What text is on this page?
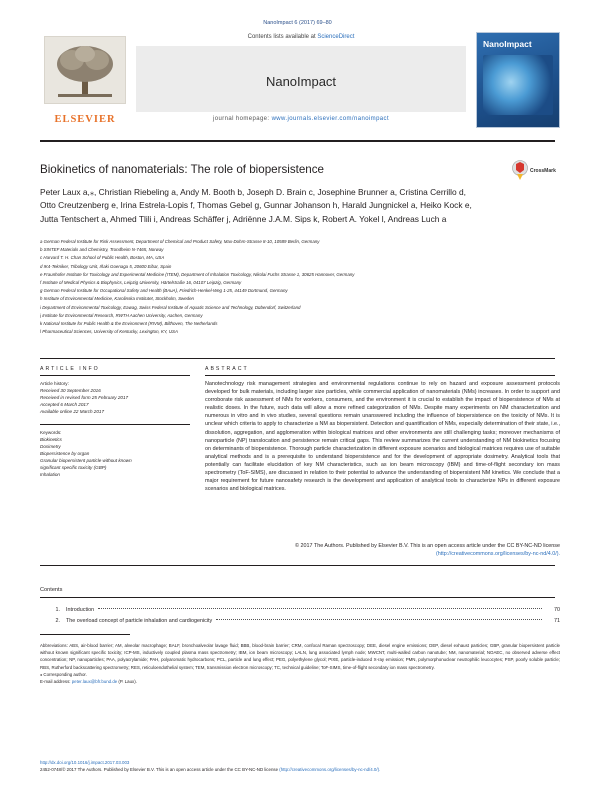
NanoImpact 6 (2017) 69–80
ELSEVIER
Contents lists available at ScienceDirect
NanoImpact
journal homepage: www.journals.elsevier.com/nanoimpact
NanoImpact
Biokinetics of nanomaterials: The role of biopersistence	CrossMark
Peter Laux a,⁎, Christian Riebeling a, Andy M. Booth b, Joseph D. Brain c, Josephine Brunner a, Cristina Cerrillo d,
Otto Creutzenberg e, Irina Estrela-Lopis f, Thomas Gebel g, Gunnar Johanson h, Harald Jungnickel a, Heiko Kock e,
Jutta Tentschert a, Ahmed Tlili i, Andreas Schäffer j, Adriënne J.A.M. Sips k, Robert A. Yokel l, Andreas Luch a
a German Federal Institute for Risk Assessment, Department of Chemical and Product Safety, Max-Dohrn-Strasse 8-10, 10589 Berlin, Germany
b SINTEF Materials and Chemistry, Trondheim N-7465, Norway
c Harvard T. H. Chan School of Public Health, Boston, MA, USA
d IK4-Tekniker, Tribology Unit, Iñaki Goenaga 5, 20600 Eibar, Spain
e Fraunhofer Institute for Toxicology and Experimental Medicine (ITEM), Department of Inhalation Toxicology, Nikolai Fuchs Strasse 1, 30625 Hannover, Germany
f Institute of Medical Physics & Biophysics, Leipzig University, Härtelstraße 16, 04107 Leipzig, Germany
g German Federal Institute for Occupational Safety and Health (BAuA), Friedrich-Henkel-Weg 1-25, 44149 Dortmund, Germany
h Institute of Environmental Medicine, Karolinska Institutet, Stockholm, Sweden
i Department of Environmental Toxicology, Eawag, Swiss Federal Institute of Aquatic Science and Technology, Dübendorf, Switzerland
j Institute for Environmental Research, RWTH Aachen University, Aachen, Germany
k National Institute for Public Health & the Environment (RIVM), Bilthoven, The Netherlands
l Pharmaceutical Sciences, University of Kentucky, Lexington, KY, USA
ARTICLE INFO	ABSTRACT
Article history:
Received 30 September 2016
Received in revised form 25 February 2017
Accepted 6 March 2017
Available online 22 March 2017
Keywords:
Biokinetics
Dosimetry
Biopersistence by organ
Granular biopersistent particle without known
significant specific toxicity (GBP)
Inhalation
Nanotechnology risk management strategies and environmental regulations continue to rely on hazard and exposure assessment protocols developed for bulk materials, including larger size particles, while commercial application of nanomaterials (NMs) increases. In order to support and corroborate risk assessment of NMs for workers, consumers, and the environment it is crucial to establish the impact of biopersistence of NMs at realistic doses. In the future, such data will allow a more refined categorization of NMs. Despite many experiments on NM characterization and numerous in vitro and in vivo studies, several questions remain unanswered including the influence of biopersistence on the toxicity of NMs. It is unclear which criteria to apply to characterize a NM as biopersistent. Detection and quantification of NMs, especially determination of their state, i.e., dissolution, aggregation, and agglomeration within biological matrices and other environments are still challenging tasks; moreover mechanisms of nanoparticle (NP) translocation and persistence remain critical gaps. This review summarizes the current understanding of NM biokinetics focusing on determinants of biopersistence. Thorough particle characterization in different exposure scenarios and biological matrices requires use of suitable analytical methods and is a prerequisite to understand biopersistence and for the development of appropriate dosimetry. Analytical tools that potentially can facilitate elucidation of key NM characteristics, such as ion beam microscopy (IBM) and time-of-flight secondary ion mass spectrometry (ToF-SIMS), are discussed in relation to their potential to advance the understanding of biopersistent NM kinetics. We conclude that a major requirement for future nanosafety research is the development and application of analytical tools to characterize NPs in different exposure scenarios and biological matrices.
© 2017 The Authors. Published by Elsevier B.V. This is an open access article under the CC BY-NC-ND license
(http://creativecommons.org/licenses/by-nc-nd/4.0/).
Contents
1.	Introduction	70
2.	The overload concept of particle inhalation and cardiogenicity	71
Abbreviations: ABS, air-blood barrier; AM, alveolar macrophage; BALF, bronchoalveolar lavage fluid; BBB, blood-brain barrier; CRM, confocal Raman spectroscopy; DEE, diesel engine emissions; DEP, diesel exhaust particles; GBP, granular biopersistent particle without known significant specific toxicity; ICP-MS, inductively coupled plasma mass spectrometry; IBM, ion beam microscopy; LALN, lung associated lymph node; MWCNT, multi-walled carbon nanotube; NM, nanomaterial; NOAEC, no observed adverse effect concentration; NP, nanoparticles; PAA, polyacrylamide; PAH, polyaromatic hydrocarbons; PCL, particle and lung effect; PEG, polyethylene glycol; PIXE, particle-induced X-ray emission; PMN, polymorphonuclear neutrophilic leucocytes; PSP, poorly soluble particle; RBS, Rutherford backscattering spectrometry; RES, reticuloendothelial system; TEM, transmission electron microscopy; TC, technical guideline; ToF-SIMS, time-of-flight secondary ion mass spectrometry.
⁎ Corresponding author.
E-mail address: peter.laux@bfr.bund.de (P. Laux).
http://dx.doi.org/10.1016/j.impact.2017.03.003
2452-0748/© 2017 The Authors. Published by Elsevier B.V. This is an open access article under the CC BY-NC-ND license (http://creativecommons.org/licenses/by-nc-nd/4.0/).
